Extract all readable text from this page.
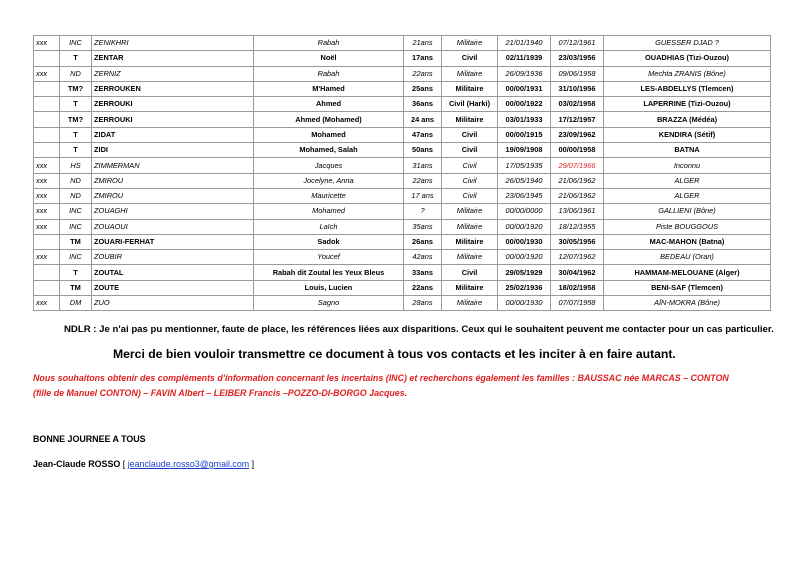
xxx	INC	ZENIKHRI	Rabah	21ans	Militaire	21/01/1940	07/12/1961	GUESSER DJAD ?
	T	ZENTAR	Noël	17ans	Civil	02/11/1939	23/03/1956	OUADHIAS (Tizi-Ouzou)
xxx	ND	ZERNIZ	Rabah	22ans	Militaire	26/09/1936	09/06/1958	Mechta ZRANIS (Bône)
	TM?	ZERROUKEN	M'Hamed	25ans	Militaire	00/00/1931	31/10/1956	LES-ABDELLYS (Tlemcen)
	T	ZERROUKI	Ahmed	36ans	Civil (Harki)	00/00/1922	03/02/1958	LAPERRINE (Tizi-Ouzou)
	TM?	ZERROUKI	Ahmed (Mohamed)	24 ans	Militaire	03/01/1933	17/12/1957	BRAZZA (Médéa)
	T	ZIDAT	Mohamed	47ans	Civil	00/00/1915	23/09/1962	KENDIRA (Sétif)
	T	ZIDI	Mohamed, Salah	50ans	Civil	19/09/1908	00/00/1958	BATNA
xxx	HS	ZIMMERMAN	Jacques	31ans	Civil	17/05/1935	29/07/1966	Inconnu
xxx	ND	ZMIROU	Jocelyne, Anna	22ans	Civil	26/05/1940	21/06/1962	ALGER
xxx	ND	ZMIROU	Mauricette	17 ans	Civil	23/06/1945	21/06/1962	ALGER
xxx	INC	ZOUAGHI	Mohamed	?	Militaire	00/00/0000	13/06/1961	GALLIENI (Bône)
xxx	INC	ZOUAOUI	Laïch	35ans	Militaire	00/00/1920	18/12/1955	Piste BOUGGOUS
	TM	ZOUARI-FERHAT	Sadok	26ans	Militaire	00/00/1930	30/05/1956	MAC-MAHON (Batna)
xxx	INC	ZOUBIR	Youcef	42ans	Militaire	00/00/1920	12/07/1962	BEDEAU (Oran)
	T	ZOUTAL	Rabah dit Zoutal les Yeux Bleus	33ans	Civil	29/05/1929	30/04/1962	HAMMAM-MELOUANE (Alger)
	TM	ZOUTE	Louis, Lucien	22ans	Militaire	25/02/1936	18/02/1958	BENI-SAF (Tlemcen)
xxx	DM	ZUO	Sagno	28ans	Militaire	00/00/1930	07/07/1958	AÏN-MOKRA (Bône)
NDLR : Je n'ai pas pu mentionner, faute de place, les références liées aux disparitions. Ceux qui le souhaitent peuvent me contacter pour un cas particulier.
Merci de bien vouloir transmettre ce document à tous vos contacts et les inciter à en faire autant.
Nous souhaitons obtenir des compléments d'information concernant les incertains (INC) et recherchons également les familles : BAUSSAC née MARCAS – CONTON
(fille de Manuel CONTON) – FAVIN Albert – LEIBER Francis –POZZO-DI-BORGO Jacques.
BONNE JOURNEE A TOUS
Jean-Claude ROSSO [ jeanclaude.rosso3@gmail.com ]
